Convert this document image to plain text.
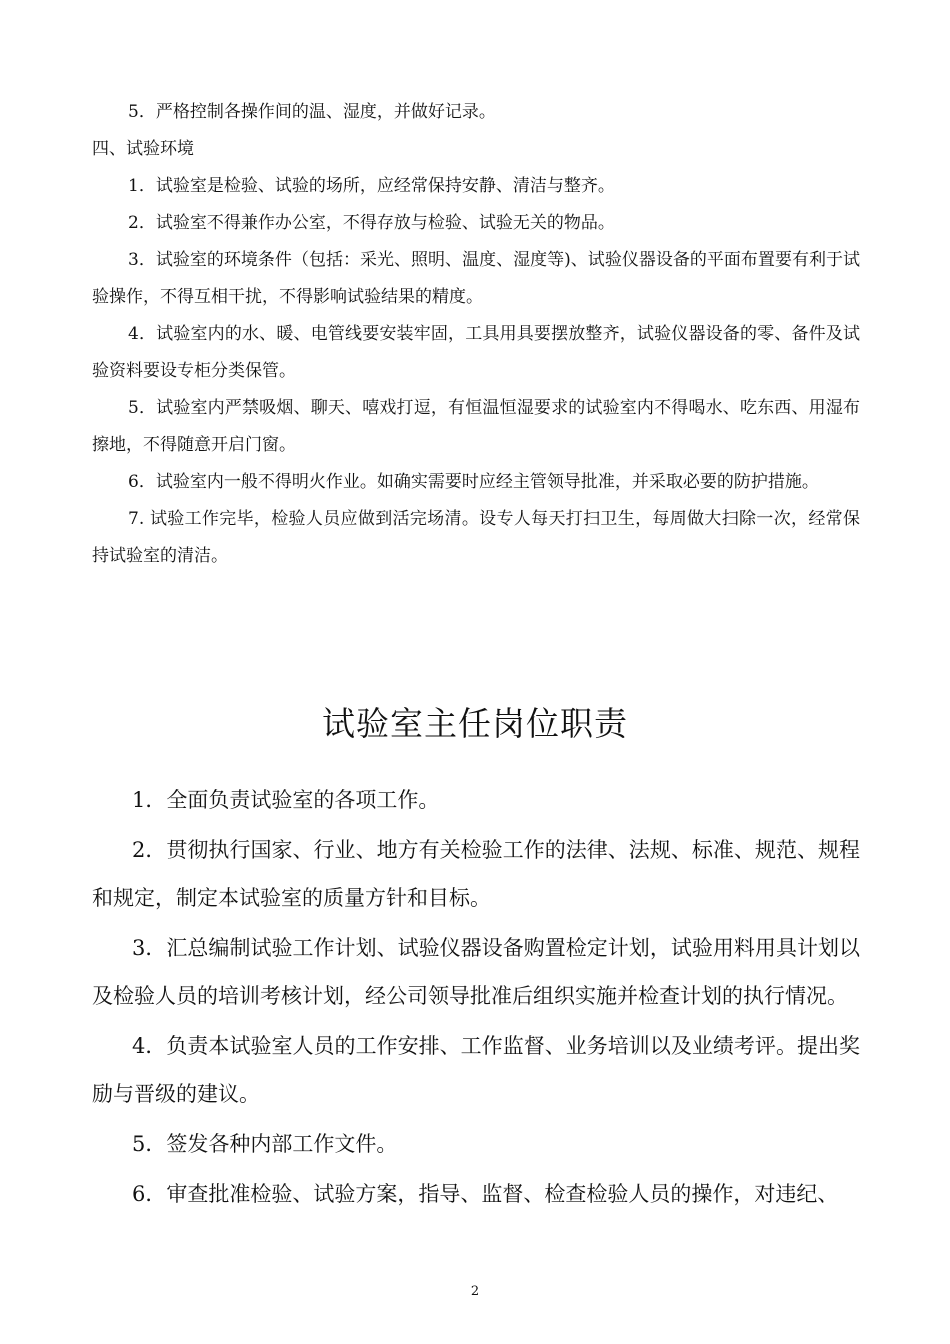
5．严格控制各操作间的温、湿度，并做好记录。

四、试验环境

1．试验室是检验、试验的场所，应经常保持安静、清洁与整齐。

2．试验室不得兼作办公室，不得存放与检验、试验无关的物品。

3．试验室的环境条件（包括：采光、照明、温度、湿度等)、试验仪器设备的平面布置要有利于试验操作，不得互相干扰，不得影响试验结果的精度。

4．试验室内的水、暖、电管线要安装牢固，工具用具要摆放整齐，试验仪器设备的零、备件及试验资料要设专柜分类保管。

5．试验室内严禁吸烟、聊天、嘻戏打逗，有恒温恒湿要求的试验室内不得喝水、吃东西、用湿布擦地，不得随意开启门窗。

6．试验室内一般不得明火作业。如确实需要时应经主管领导批准，并采取必要的防护措施。

7. 试验工作完毕，检验人员应做到活完场清。设专人每天打扫卫生，每周做大扫除一次，经常保持试验室的清洁。

试验室主任岗位职责

1．全面负责试验室的各项工作。

2．贯彻执行国家、行业、地方有关检验工作的法律、法规、标准、规范、规程和规定，制定本试验室的质量方针和目标。

3．汇总编制试验工作计划、试验仪器设备购置检定计划，试验用料用具计划以及检验人员的培训考核计划，经公司领导批准后组织实施并检查计划的执行情况。

4．负责本试验室人员的工作安排、工作监督、业务培训以及业绩考评。提出奖励与晋级的建议。

5．签发各种内部工作文件。

6．审查批准检验、试验方案，指导、监督、检查检验人员的操作，对违纪、

2
